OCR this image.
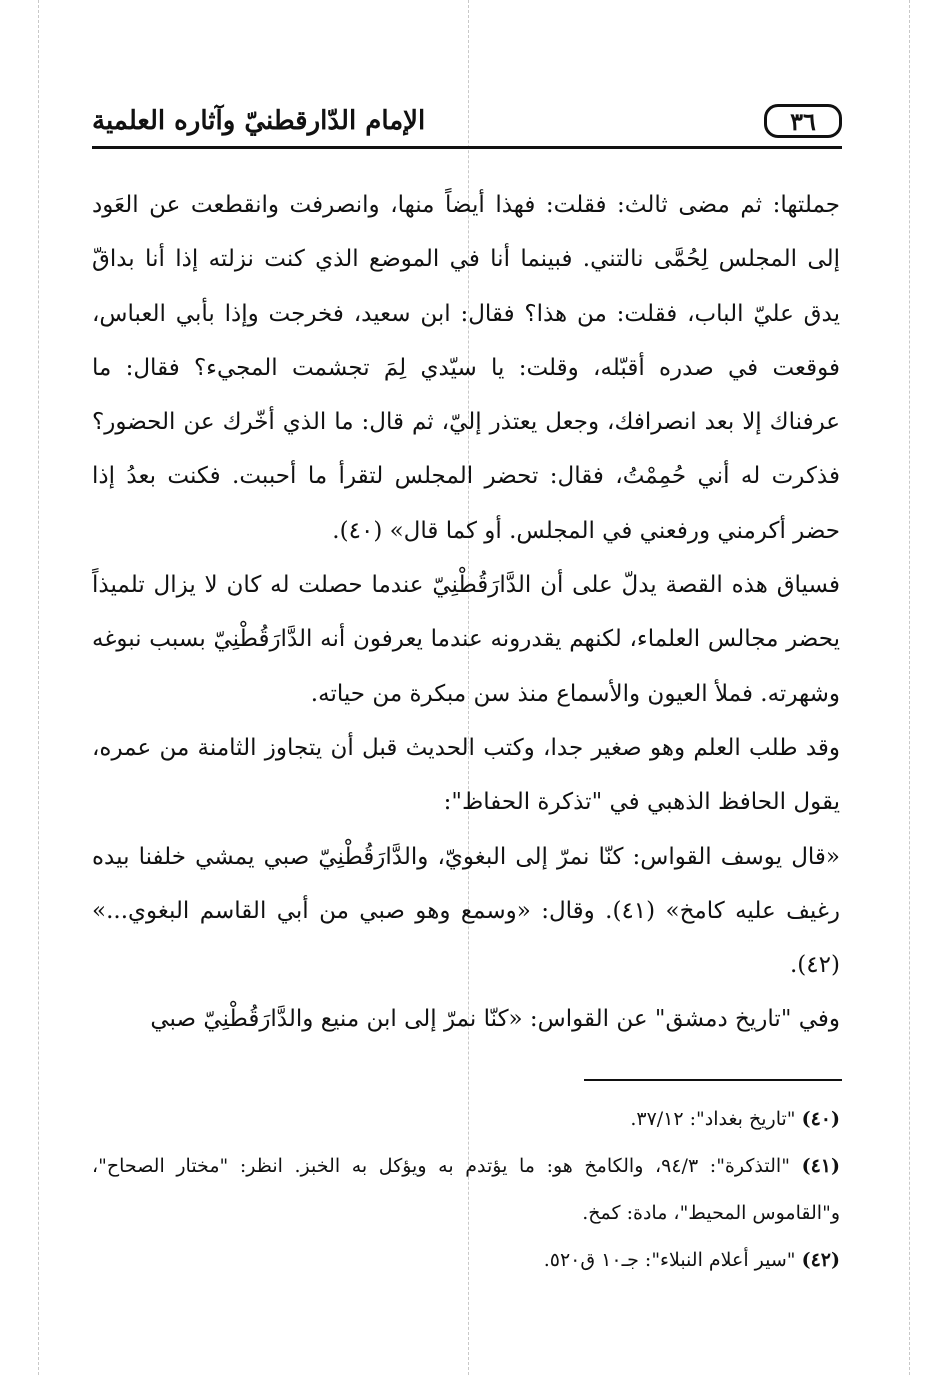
٣٦
الإمام الدّارقطنيّ وآثاره العلمية

جملتها: ثم مضى ثالث: فقلت: فهذا أيضاً منها، وانصرفت وانقطعت عن العَود إلى المجلس لِحُمَّى نالتني. فبينما أنا في الموضع الذي كنت نزلته إذا أنا بداقّ يدق عليّ الباب، فقلت: من هذا؟ فقال: ابن سعيد، فخرجت وإذا بأبي العباس، فوقعت في صدره أقبّله، وقلت: يا سيّدي لِمَ تجشمت المجيء؟ فقال: ما عرفناك إلا بعد انصرافك، وجعل يعتذر إليّ، ثم قال: ما الذي أخّرك عن الحضور؟ فذكرت له أني حُمِمْتُ، فقال: تحضر المجلس لتقرأ ما أحببت. فكنت بعدُ إذا حضر أكرمني ورفعني في المجلس. أو كما قال» (٤٠).

فسياق هذه القصة يدلّ على أن الدَّارَقُطْنِيّ عندما حصلت له كان لا يزال تلميذاً يحضر مجالس العلماء، لكنهم يقدرونه عندما يعرفون أنه الدَّارَقُطْنِيّ بسبب نبوغه وشهرته. فملأ العيون والأسماع منذ سن مبكرة من حياته.

وقد طلب العلم وهو صغير جدا، وكتب الحديث قبل أن يتجاوز الثامنة من عمره، يقول الحافظ الذهبي في "تذكرة الحفاظ":

«قال يوسف القواس: كنّا نمرّ إلى البغويّ، والدَّارَقُطْنِيّ صبي يمشي خلفنا بيده رغيف عليه كامخ» (٤١). وقال: «وسمع وهو صبي من أبي القاسم البغوي...» (٤٢).

وفي "تاريخ دمشق" عن القواس: «كنّا نمرّ إلى ابن منيع والدَّارَقُطْنِيّ صبي

(٤٠) "تاريخ بغداد": ٣٧/١٢.

(٤١) "التذكرة": ٩٤/٣، والكامخ هو: ما يؤتدم به ويؤكل به الخبز. انظر: "مختار الصحاح"، و"القاموس المحيط"، مادة: كمخ.

(٤٢) "سير أعلام النبلاء": جـ١٠ ق٥٢٠.
